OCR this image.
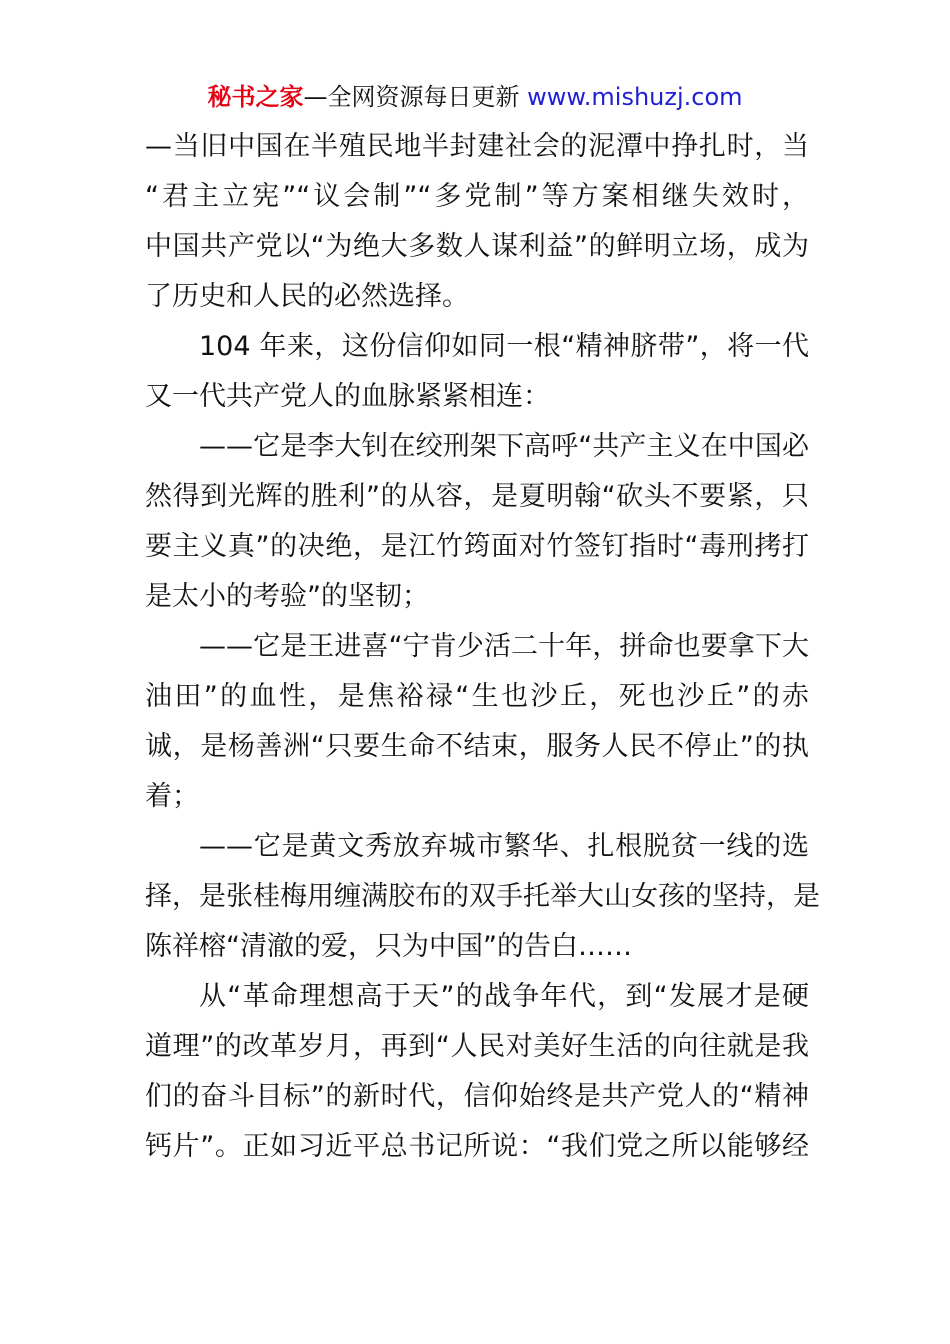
秘书之家—全网资源每日更新 www.mishuzj.com
—当旧中国在半殖民地半封建社会的泥潭中挣扎时，当
“君主立宪”“议会制”“多党制”等方案相继失效时，
中国共产党以“为绝大多数人谋利益”的鲜明立场，成为
了历史和人民的必然选择。
104 年来，这份信仰如同一根“精神脐带”，将一代
又一代共产党人的血脉紧紧相连：
——它是李大钊在绞刑架下高呼“共产主义在中国必
然得到光辉的胜利”的从容，是夏明翰“砍头不要紧，只
要主义真”的决绝，是江竹筠面对竹签钉指时“毒刑拷打
是太小的考验”的坚韧；
——它是王进喜“宁肯少活二十年，拼命也要拿下大
油田”的血性，是焦裕禄“生也沙丘，死也沙丘”的赤
诚，是杨善洲“只要生命不结束，服务人民不停止”的执
着；
——它是黄文秀放弃城市繁华、扎根脱贫一线的选
择，是张桂梅用缠满胶布的双手托举大山女孩的坚持，是
陈祥榕“清澈的爱，只为中国”的告白……
从“革命理想高于天”的战争年代，到“发展才是硬
道理”的改革岁月，再到“人民对美好生活的向往就是我
们的奋斗目标”的新时代，信仰始终是共产党人的“精神
钙片”。正如习近平总书记所说：“我们党之所以能够经
